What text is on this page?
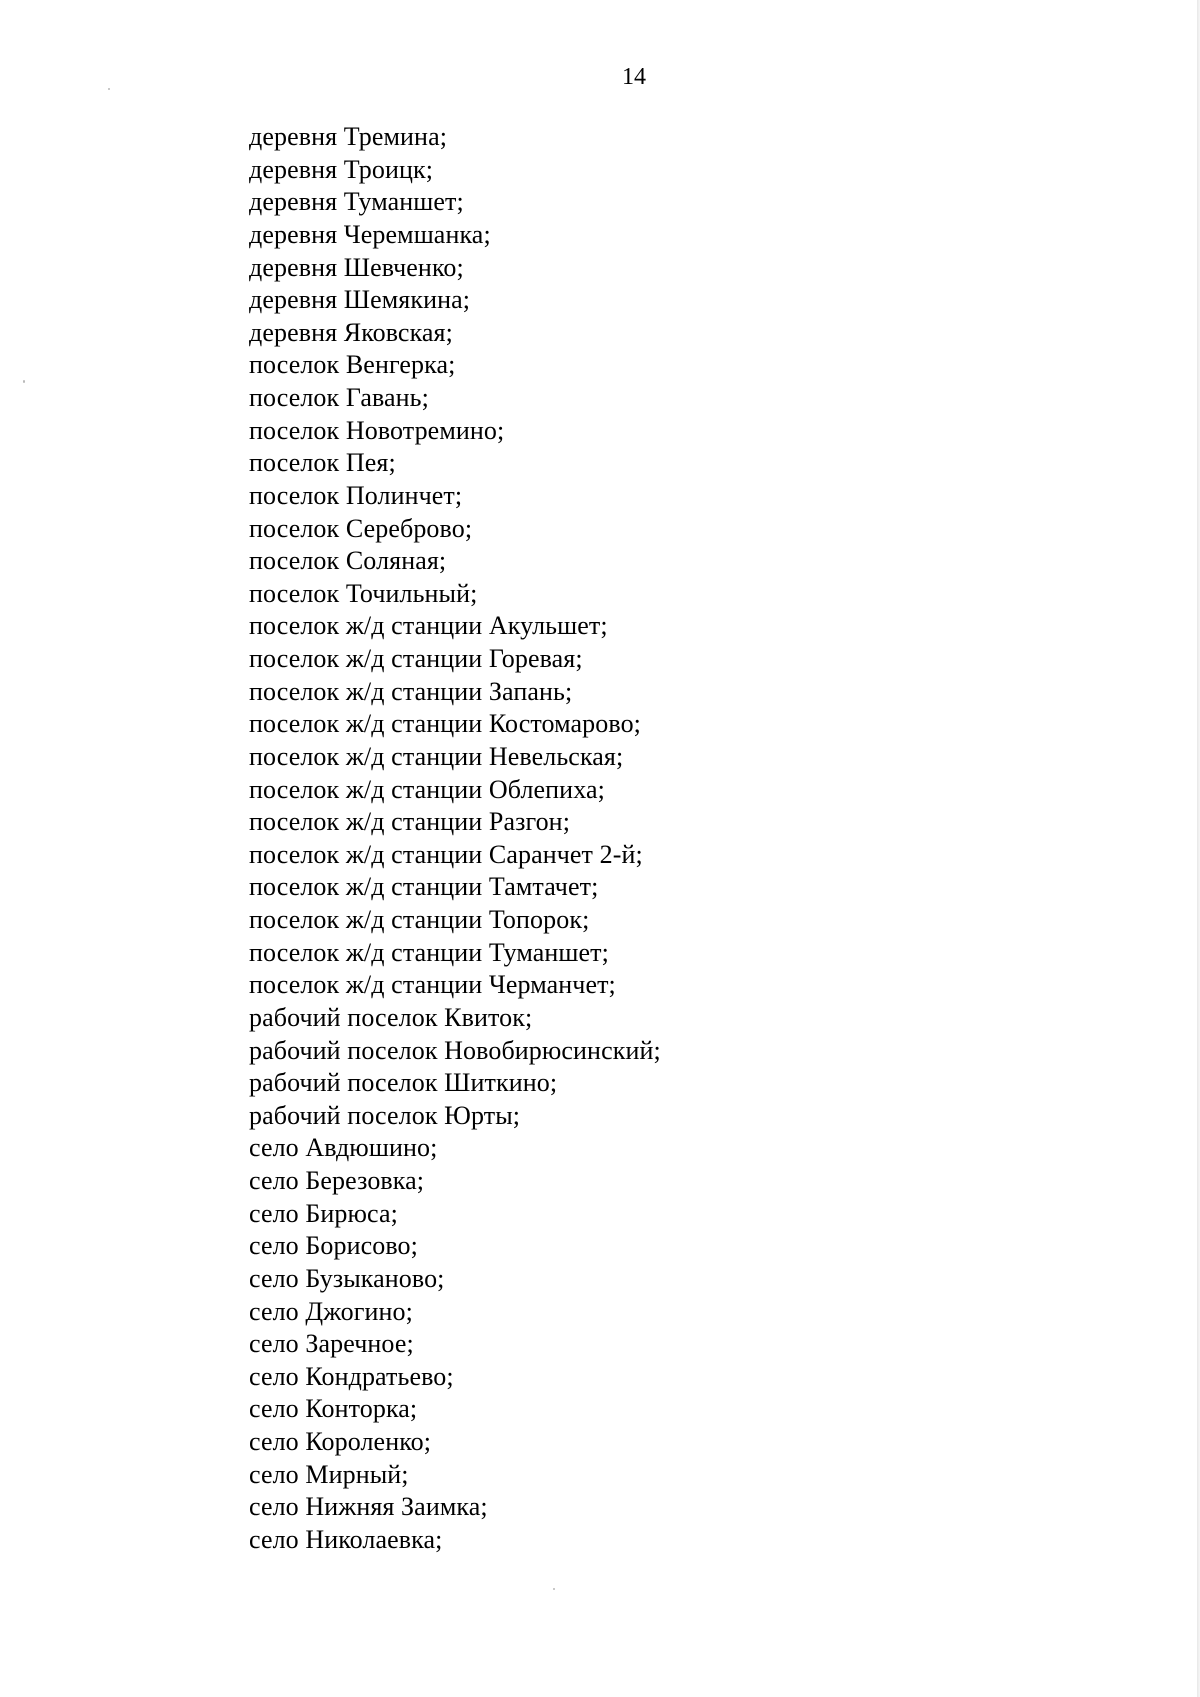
14
деревня Тремина;
деревня Троицк;
деревня Туманшет;
деревня Черемшанка;
деревня Шевченко;
деревня Шемякина;
деревня Яковская;
поселок Венгерка;
поселок Гавань;
поселок Новотремино;
поселок Пея;
поселок Полинчет;
поселок Сереброво;
поселок Соляная;
поселок Точильный;
поселок ж/д станции Акульшет;
поселок ж/д станции Горевая;
поселок ж/д станции Запань;
поселок ж/д станции Костомарово;
поселок ж/д станции Невельская;
поселок ж/д станции Облепиха;
поселок ж/д станции Разгон;
поселок ж/д станции Саранчет 2-й;
поселок ж/д станции Тамтачет;
поселок ж/д станции Топорок;
поселок ж/д станции Туманшет;
поселок ж/д станции Черманчет;
рабочий поселок Квиток;
рабочий поселок Новобирюсинский;
рабочий поселок Шиткино;
рабочий поселок Юрты;
село Авдюшино;
село Березовка;
село Бирюса;
село Борисово;
село Бузыканово;
село Джогино;
село Заречное;
село Кондратьево;
село Конторка;
село Короленко;
село Мирный;
село Нижняя Заимка;
село Николаевка;
